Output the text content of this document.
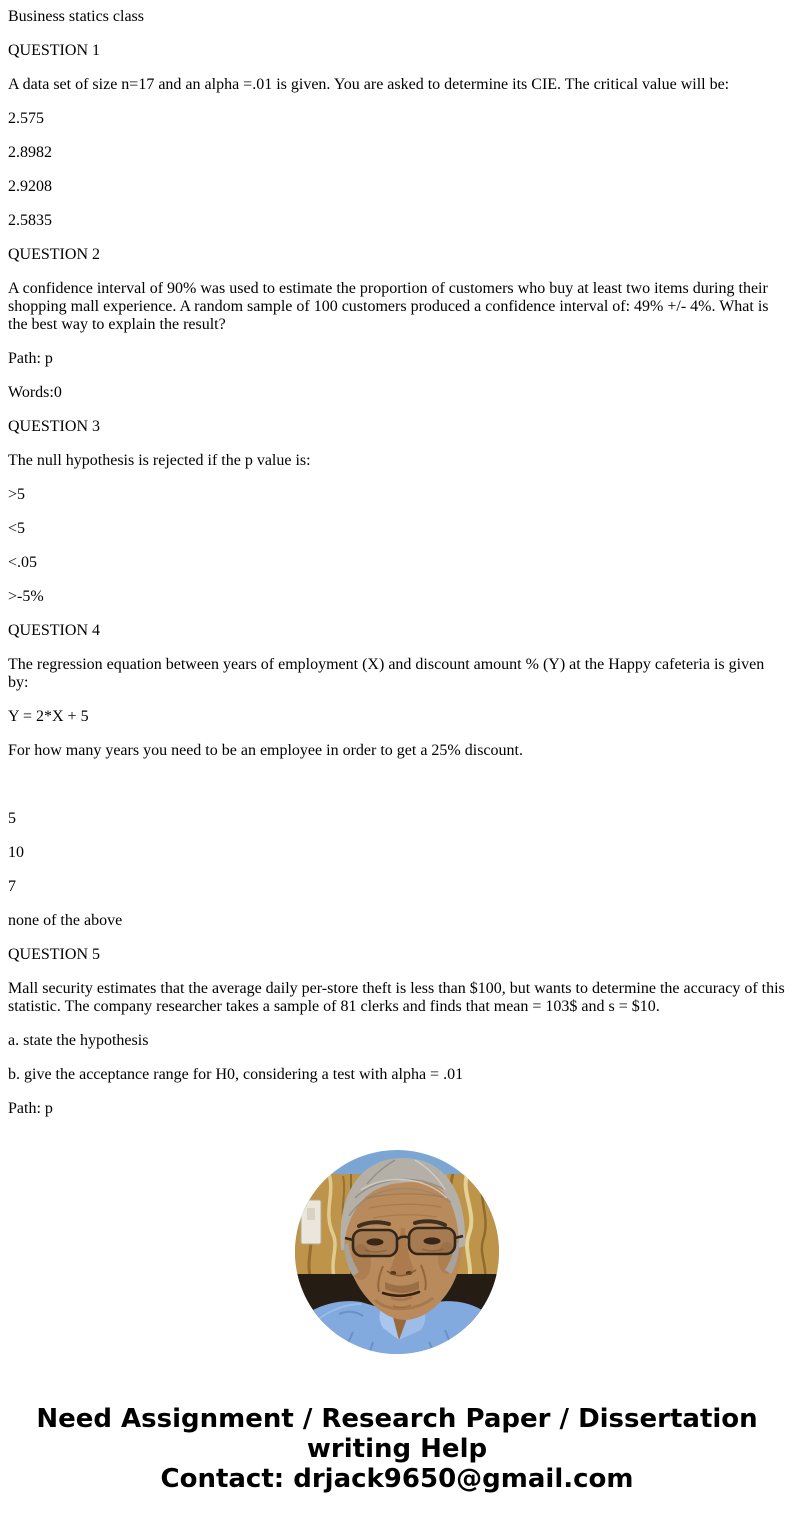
Business statics class

QUESTION 1

A data set of size n=17 and an alpha =.01 is given. You are asked to determine its CIE. The critical value will be:

2.575

2.8982

2.9208

2.5835

QUESTION 2

A confidence interval of 90% was used to estimate the proportion of customers who buy at least two items during their shopping mall experience. A random sample of 100 customers produced a confidence interval of: 49% +/- 4%. What is the best way to explain the result?

Path: p

Words:0

QUESTION 3

The null hypothesis is rejected if the p value is:

>5

<5

<.05

>-5%

QUESTION 4

The regression equation between years of employment (X) and discount amount % (Y) at the Happy cafeteria is given by:

Y = 2*X + 5

For how many years you need to be an employee in order to get a 25% discount.

5

10

7

none of the above

QUESTION 5

Mall security estimates that the average daily per-store theft is less than $100, but wants to determine the accuracy of this statistic. The company researcher takes a sample of 81 clerks and finds that mean = 103$ and s = $10.

a. state the hypothesis

b. give the acceptance range for H0, considering a test with alpha = .01

Path: p

Need Assignment / Research Paper / Dissertation writing Help
Contact: drjack9650@gmail.com
